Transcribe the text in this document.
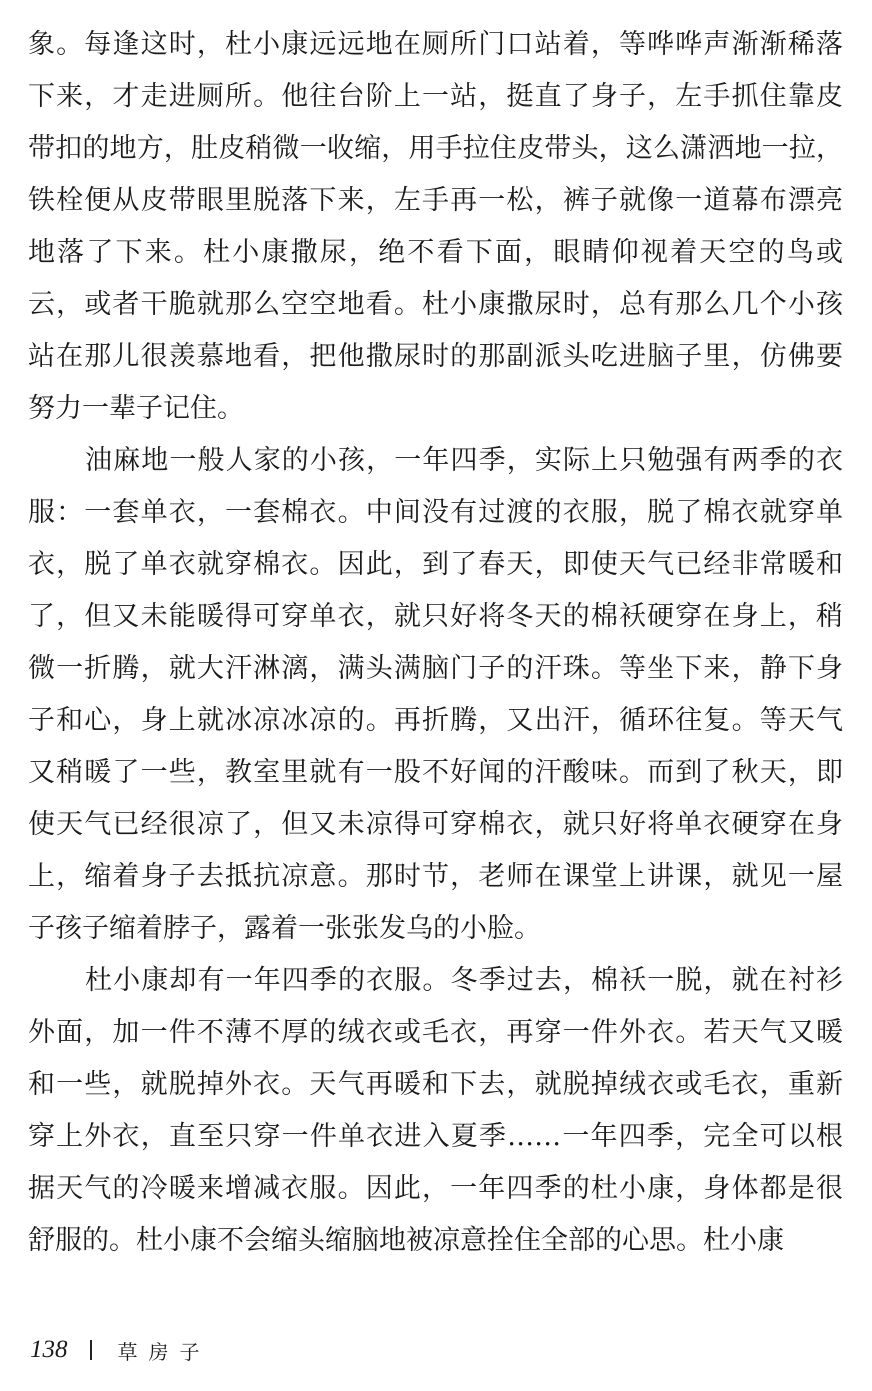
象。每逢这时，杜小康远远地在厕所门口站着，等哗哗声渐渐稀落
下来，才走进厕所。他往台阶上一站，挺直了身子，左手抓住靠皮
带扣的地方，肚皮稍微一收缩，用手拉住皮带头，这么潇洒地一拉，
铁栓便从皮带眼里脱落下来，左手再一松，裤子就像一道幕布漂亮
地落了下来。杜小康撒尿，绝不看下面，眼睛仰视着天空的鸟或
云，或者干脆就那么空空地看。杜小康撒尿时，总有那么几个小孩
站在那儿很羡慕地看，把他撒尿时的那副派头吃进脑子里，仿佛要
努力一辈子记住。
油麻地一般人家的小孩，一年四季，实际上只勉强有两季的衣
服：一套单衣，一套棉衣。中间没有过渡的衣服，脱了棉衣就穿单
衣，脱了单衣就穿棉衣。因此，到了春天，即使天气已经非常暖和
了，但又未能暖得可穿单衣，就只好将冬天的棉袄硬穿在身上，稍
微一折腾，就大汗淋漓，满头满脑门子的汗珠。等坐下来，静下身
子和心，身上就冰凉冰凉的。再折腾，又出汗，循环往复。等天气
又稍暖了一些，教室里就有一股不好闻的汗酸味。而到了秋天，即
使天气已经很凉了，但又未凉得可穿棉衣，就只好将单衣硬穿在身
上，缩着身子去抵抗凉意。那时节，老师在课堂上讲课，就见一屋
子孩子缩着脖子，露着一张张发乌的小脸。
杜小康却有一年四季的衣服。冬季过去，棉袄一脱，就在衬衫
外面，加一件不薄不厚的绒衣或毛衣，再穿一件外衣。若天气又暖
和一些，就脱掉外衣。天气再暖和下去，就脱掉绒衣或毛衣，重新
穿上外衣，直至只穿一件单衣进入夏季……一年四季，完全可以根
据天气的冷暖来增减衣服。因此，一年四季的杜小康，身体都是很
舒服的。杜小康不会缩头缩脑地被凉意拴住全部的心思。杜小康
138	草房子
